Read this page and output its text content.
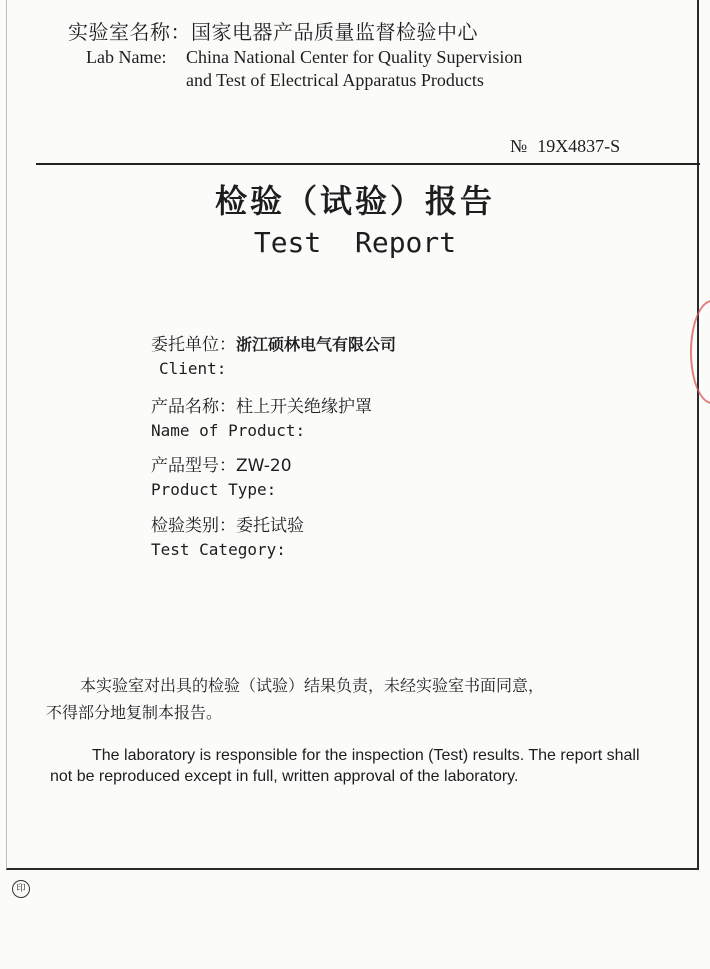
实验室名称：国家电器产品质量监督检验中心
Lab Name: China National Center for Quality Supervision
and Test of Electrical Apparatus Products
№ 19X4837-S
检验（试验）报告
Test  Report
委托单位：浙江硕林电气有限公司
Client:
产品名称：柱上开关绝缘护罩
Name of Product:
产品型号：ZW-20
Product Type:
检验类别：委托试验
Test Category:
本实验室对出具的检验（试验）结果负责，未经实验室书面同意，
不得部分地复制本报告。
The laboratory is responsible for the inspection (Test) results. The report shall
not be reproduced except in full, written approval of the laboratory.
印
